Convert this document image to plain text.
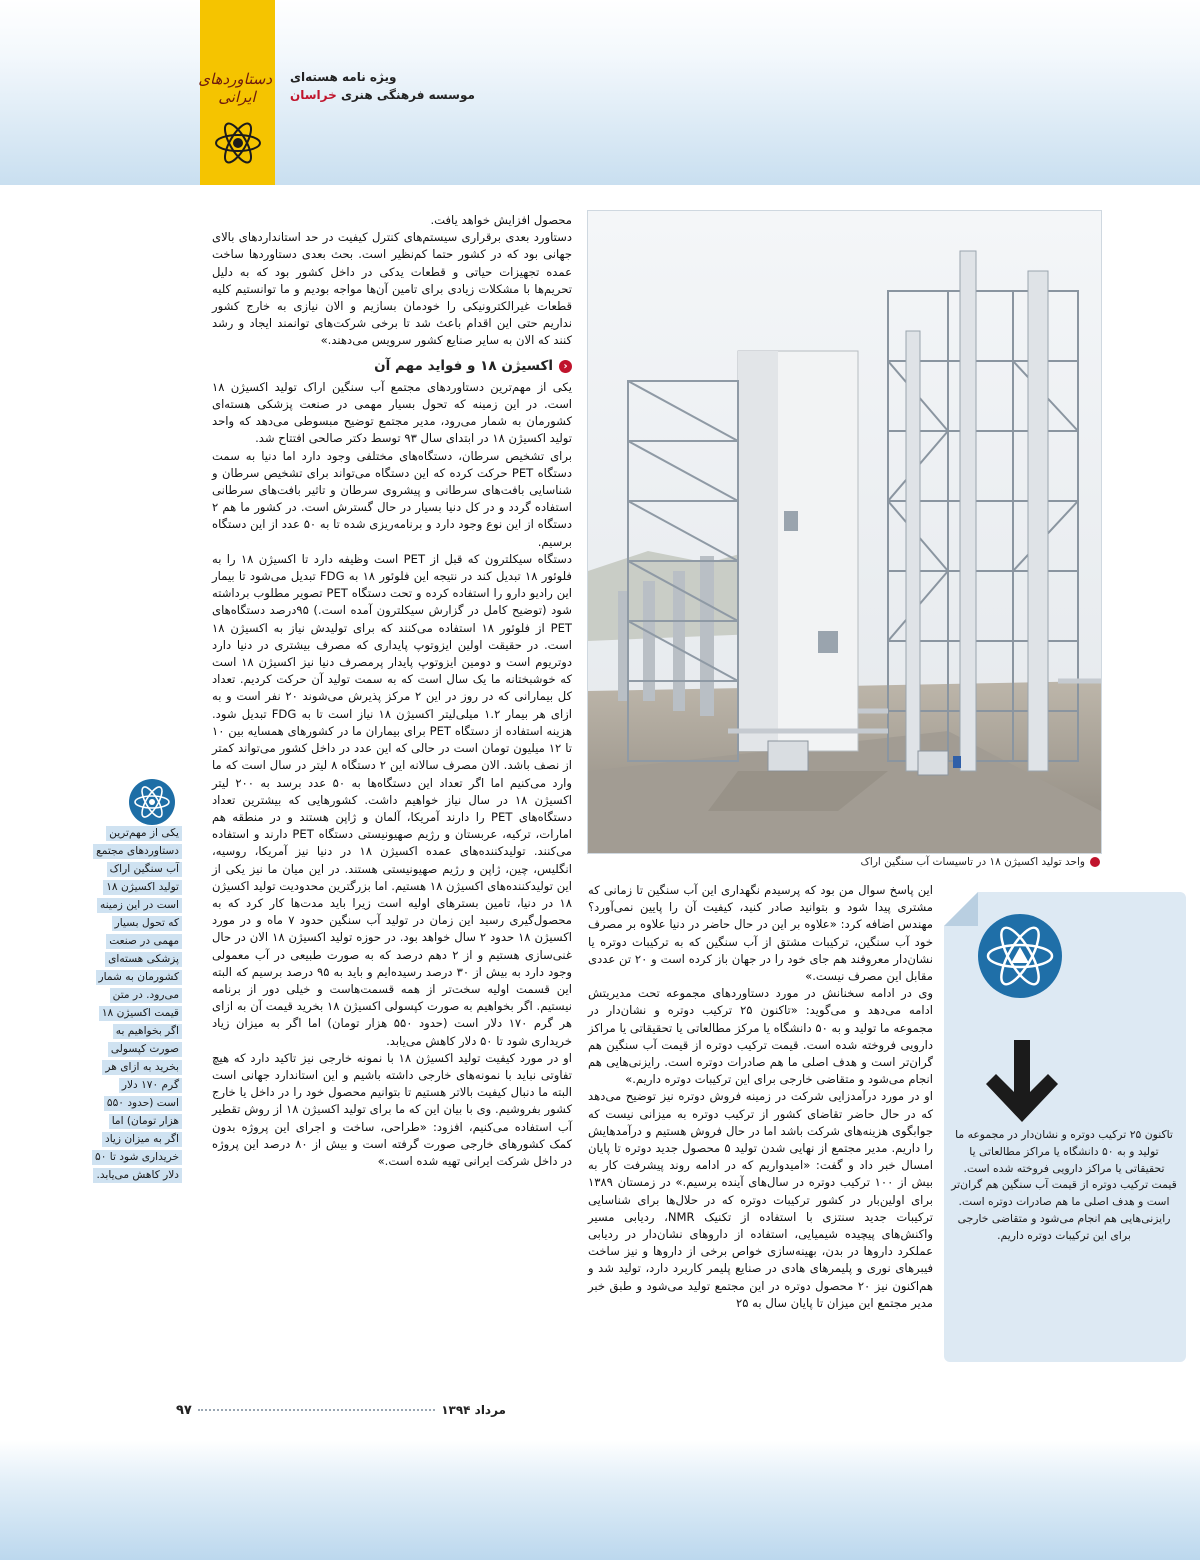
دستاوردهای ایرانی
ویژه نامه هسته‌ای
موسسه فرهنگی هنری خراسان
واحد تولید اکسیژن ۱۸ در تاسیسات آب سنگین اراک

محصول افزایش خواهد یافت.

دستاورد بعدی برقراری سیستم‌های کنترل کیفیت در حد استانداردهای بالای جهانی بود که در کشور حتما کم‌نظیر است. بحث بعدی دستاوردها ساخت عمده تجهیزات حیاتی و قطعات یدکی در داخل کشور بود که به دلیل تحریم‌ها با مشکلات زیادی برای تامین آن‌ها مواجه بودیم و ما توانستیم کلیه قطعات غیرالکترونیکی را خودمان بسازیم و الان نیازی به خارج کشور نداریم حتی این اقدام باعث شد تا برخی شرکت‌های توانمند ایجاد و رشد کنند که الان به سایر صنایع کشور سرویس می‌دهند.»

‹
اکسیژن ۱۸ و فواید مهم آن

یکی از مهم‌ترین دستاوردهای مجتمع آب سنگین اراک تولید اکسیژن ۱۸ است. در این زمینه که تحول بسیار مهمی در صنعت پزشکی هسته‌ای کشورمان به شمار می‌رود، مدیر مجتمع توضیح مبسوطی می‌دهد که واحد تولید اکسیژن ۱۸ در ابتدای سال ۹۳ توسط دکتر صالحی افتتاح شد.

برای تشخیص سرطان، دستگاه‌های مختلفی وجود دارد اما دنیا به سمت دستگاه PET حرکت کرده که این دستگاه می‌تواند برای تشخیص سرطان و شناسایی بافت‌های سرطانی و پیشروی سرطان و تاثیر بافت‌های سرطانی استفاده گردد و در کل دنیا بسیار در حال گسترش است. در کشور ما هم ۲ دستگاه از این نوع وجود دارد و برنامه‌ریزی شده تا به ۵۰ عدد از این دستگاه برسیم.

دستگاه سیکلترون که قبل از PET است وظیفه دارد تا اکسیژن ۱۸ را به فلوئور ۱۸ تبدیل کند در نتیجه این فلوئور ۱۸ به FDG تبدیل می‌شود تا بیمار این رادیو دارو را استفاده کرده و تحت دستگاه PET تصویر مطلوب برداشته شود (توضیح کامل در گزارش سیکلترون آمده است.) ۹۵درصد دستگاه‌های PET از فلوئور ۱۸ استفاده می‌کنند که برای تولیدش نیاز به اکسیژن ۱۸ است. در حقیقت اولین ایزوتوپ پایداری که مصرف بیشتری در دنیا دارد دوتریوم است و دومین ایزوتوپ پایدار پرمصرف دنیا نیز اکسیژن ۱۸ است که خوشبختانه ما یک سال است که به سمت تولید آن حرکت کردیم. تعداد کل بیمارانی که در روز در این ۲ مرکز پذیرش می‌شوند ۲۰ نفر است و به ازای هر بیمار ۱.۲ میلی‌لیتر اکسیژن ۱۸ نیاز است تا به FDG تبدیل شود. هزینه استفاده از دستگاه PET برای بیماران ما در کشورهای همسایه بین ۱۰ تا ۱۲ میلیون تومان است در حالی که این عدد در داخل کشور می‌تواند کمتر از نصف باشد. الان مصرف سالانه این ۲ دستگاه ۸ لیتر در سال است که ما وارد می‌کنیم اما اگر تعداد این دستگاه‌ها به ۵۰ عدد برسد به ۲۰۰ لیتر اکسیژن ۱۸ در سال نیاز خواهیم داشت. کشورهایی که بیشترین تعداد دستگاه‌های PET را دارند آمریکا، آلمان و ژاپن هستند و در منطقه هم امارات، ترکیه، عربستان و رژیم صهیونیستی دستگاه PET دارند و استفاده می‌کنند. تولیدکننده‌های عمده اکسیژن ۱۸ در دنیا نیز آمریکا، روسیه، انگلیس، چین، ژاپن و رژیم صهیونیستی هستند. در این میان ما نیز یکی از این تولیدکننده‌های اکسیژن ۱۸ هستیم. اما بزرگترین محدودیت تولید اکسیژن ۱۸ در دنیا، تامین بسترهای اولیه است زیرا باید مدت‌ها کار کرد که به محصول‌گیری رسید این زمان در تولید آب سنگین حدود ۷ ماه و در مورد اکسیژن ۱۸ حدود ۲ سال خواهد بود. در حوزه تولید اکسیژن ۱۸ الان در حال غنی‌سازی هستیم و از ۲ دهم درصد که به صورت طبیعی در آب معمولی وجود دارد به بیش از ۳۰ درصد رسیده‌ایم و باید به ۹۵ درصد برسیم که البته این قسمت اولیه سخت‌تر از همه قسمت‌هاست و خیلی دور از برنامه نیستیم. اگر بخواهیم به صورت کپسولی اکسیژن ۱۸ بخرید قیمت آن به ازای هر گرم ۱۷۰ دلار است (حدود ۵۵۰ هزار تومان) اما اگر به میزان زیاد خریداری شود تا ۵۰ دلار کاهش می‌یابد.

او در مورد کیفیت تولید اکسیژن ۱۸ با نمونه خارجی نیز تاکید دارد که هیچ تفاوتی نباید با نمونه‌های خارجی داشته باشیم و این استاندارد جهانی است البته ما دنبال کیفیت بالاتر هستیم تا بتوانیم محصول خود را در داخل یا خارج کشور بفروشیم. وی با بیان این که ما برای تولید اکسیژن ۱۸ از روش تقطیر آب استفاده می‌کنیم، افزود: «طراحی، ساخت و اجرای این پروژه بدون کمک کشورهای خارجی صورت گرفته است و بیش از ۸۰ درصد این پروژه در داخل شرکت ایرانی تهیه شده است.»

این پاسخ سوال من بود که پرسیدم نگهداری این آب سنگین تا زمانی که مشتری پیدا شود و بتوانید صادر کنید، کیفیت آن را پایین نمی‌آورد؟ مهندس اضافه کرد: «علاوه بر این در حال حاضر در دنیا علاوه بر مصرف خود آب سنگین، ترکیبات مشتق از آب سنگین که به ترکیبات دوتره یا نشان‌دار معروفند هم جای خود را در جهان باز کرده است و ۲۰ تن عددی مقابل این مصرف نیست.»

وی در ادامه سخنانش در مورد دستاوردهای مجموعه تحت مدیریتش ادامه می‌دهد و می‌گوید: «تاکنون ۲۵ ترکیب دوتره و نشان‌دار در مجموعه ما تولید و به ۵۰ دانشگاه یا مرکز مطالعاتی یا تحقیقاتی یا مراکز دارویی فروخته شده است. قیمت ترکیب دوتره از قیمت آب سنگین هم گران‌تر است و هدف اصلی ما هم صادرات دوتره است. رایزنی‌هایی هم انجام می‌شود و متقاضی خارجی برای این ترکیبات دوتره داریم.»

او در مورد درآمدزایی شرکت در زمینه فروش دوتره نیز توضیح می‌دهد که در حال حاضر تقاضای کشور از ترکیب دوتره به میزانی نیست که جوابگوی هزینه‌های شرکت باشد اما در حال فروش هستیم و درآمدهایش را داریم. مدیر مجتمع از نهایی شدن تولید ۵ محصول جدید دوتره تا پایان امسال خبر داد و گفت: «امیدواریم که در ادامه روند پیشرفت کار به بیش از ۱۰۰ ترکیب دوتره در سال‌های آینده برسیم.» در زمستان ۱۳۸۹ برای اولین‌بار در کشور ترکیبات دوتره که در حلال‌ها برای شناسایی ترکیبات جدید سنتزی با استفاده از تکنیک NMR، ردیابی مسیر واکنش‌های پیچیده شیمیایی، استفاده از داروهای نشان‌دار در ردیابی عملکرد داروها در بدن، بهینه‌سازی خواص برخی از داروها و نیز ساخت فیبرهای نوری و پلیمرهای هادی در صنایع پلیمر کاربرد دارد، تولید شد و هم‌اکنون نیز ۲۰ محصول دوتره در این مجتمع تولید می‌شود و طبق خبر مدیر مجتمع این میزان تا پایان سال به ۲۵

یکی از مهم‌ترین
دستاوردهای مجتمع
آب سنگین اراک
تولید اکسیژن ۱۸
است در این زمینه
که تحول بسیار
مهمی در صنعت
پزشکی هسته‌ای
کشورمان به شمار
می‌رود. در متن
قیمت اکسیژن ۱۸
اگر بخواهیم به
صورت کپسولی
بخرید به ازای هر
گرم ۱۷۰ دلار
است (حدود ۵۵۰
هزار تومان) اما
اگر به میزان زیاد
خریداری شود تا ۵۰
دلار کاهش می‌یابد.
تاکنون ۲۵ ترکیب دوتره و نشان‌دار در مجموعه ما تولید و به ۵۰ دانشگاه یا مراکز مطالعاتی یا تحقیقاتی یا مراکز دارویی فروخته شده است. قیمت ترکیب دوتره از قیمت آب سنگین هم گران‌تر است و هدف اصلی ما هم صادرات دوتره است. رایزنی‌هایی هم انجام می‌شود و متقاضی خارجی برای این ترکیبات دوتره داریم.
مرداد ۱۳۹۴
۹۷
